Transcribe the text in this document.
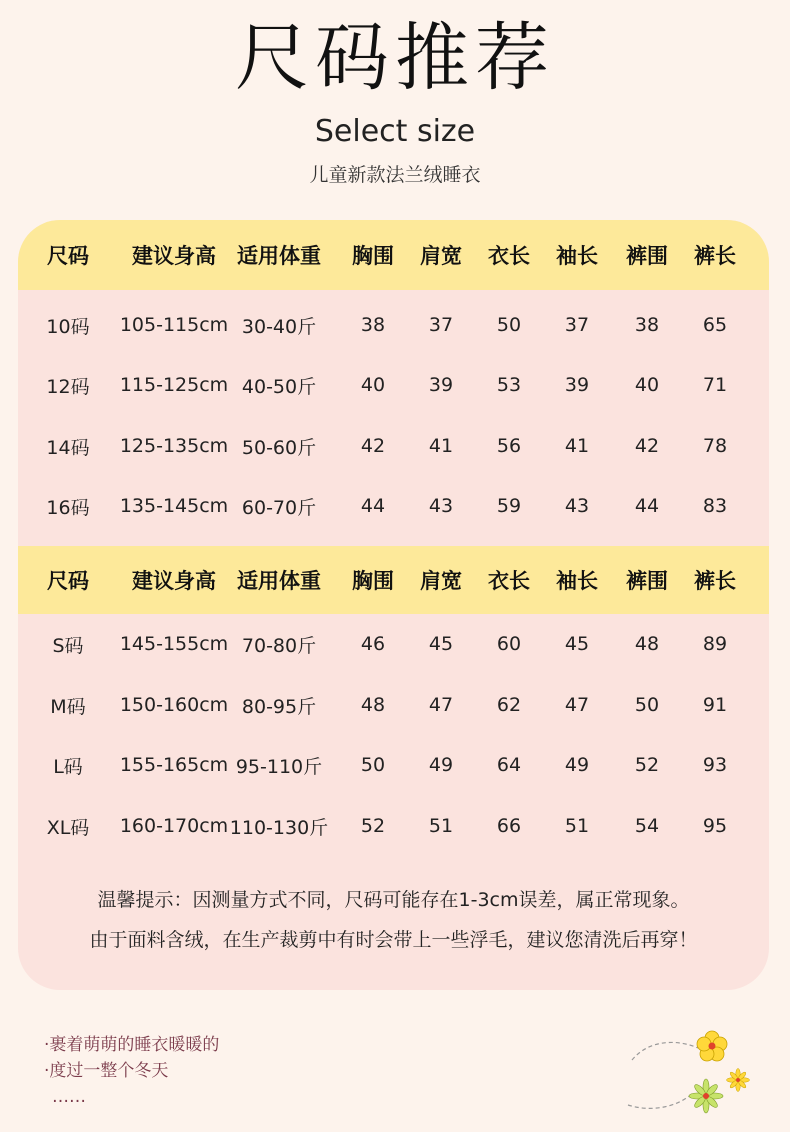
尺码推荐
Select size
儿童新款法兰绒睡衣
尺码	建议身高	适用体重	胸围	肩宽	衣长	袖长	裤围	裤长
10码	105-115cm 30-40斤	38	37	50	37	38	65
12码	115-125cm 40-50斤	40	39	53	39	40	71
14码	125-135cm 50-60斤	42	41	56	41	42	78
16码	135-145cm 60-70斤	44	43	59	43	44	83
尺码	建议身高	适用体重	胸围	肩宽	衣长	袖长	裤围	裤长
S码	145-155cm 70-80斤	46	45	60	45	48	89
M码	150-160cm 80-95斤	48	47	62	47	50	91
L码	155-165cm 95-110斤	50	49	64	49	52	93
XL码	160-170cm 110-130斤	52	51	66	51	54	95
温馨提示：因测量方式不同，尺码可能存在1-3cm误差，属正常现象。
由于面料含绒，在生产裁剪中有时会带上一些浮毛，建议您清洗后再穿！
·裹着萌萌的睡衣暖暖的
·度过一整个冬天
……
